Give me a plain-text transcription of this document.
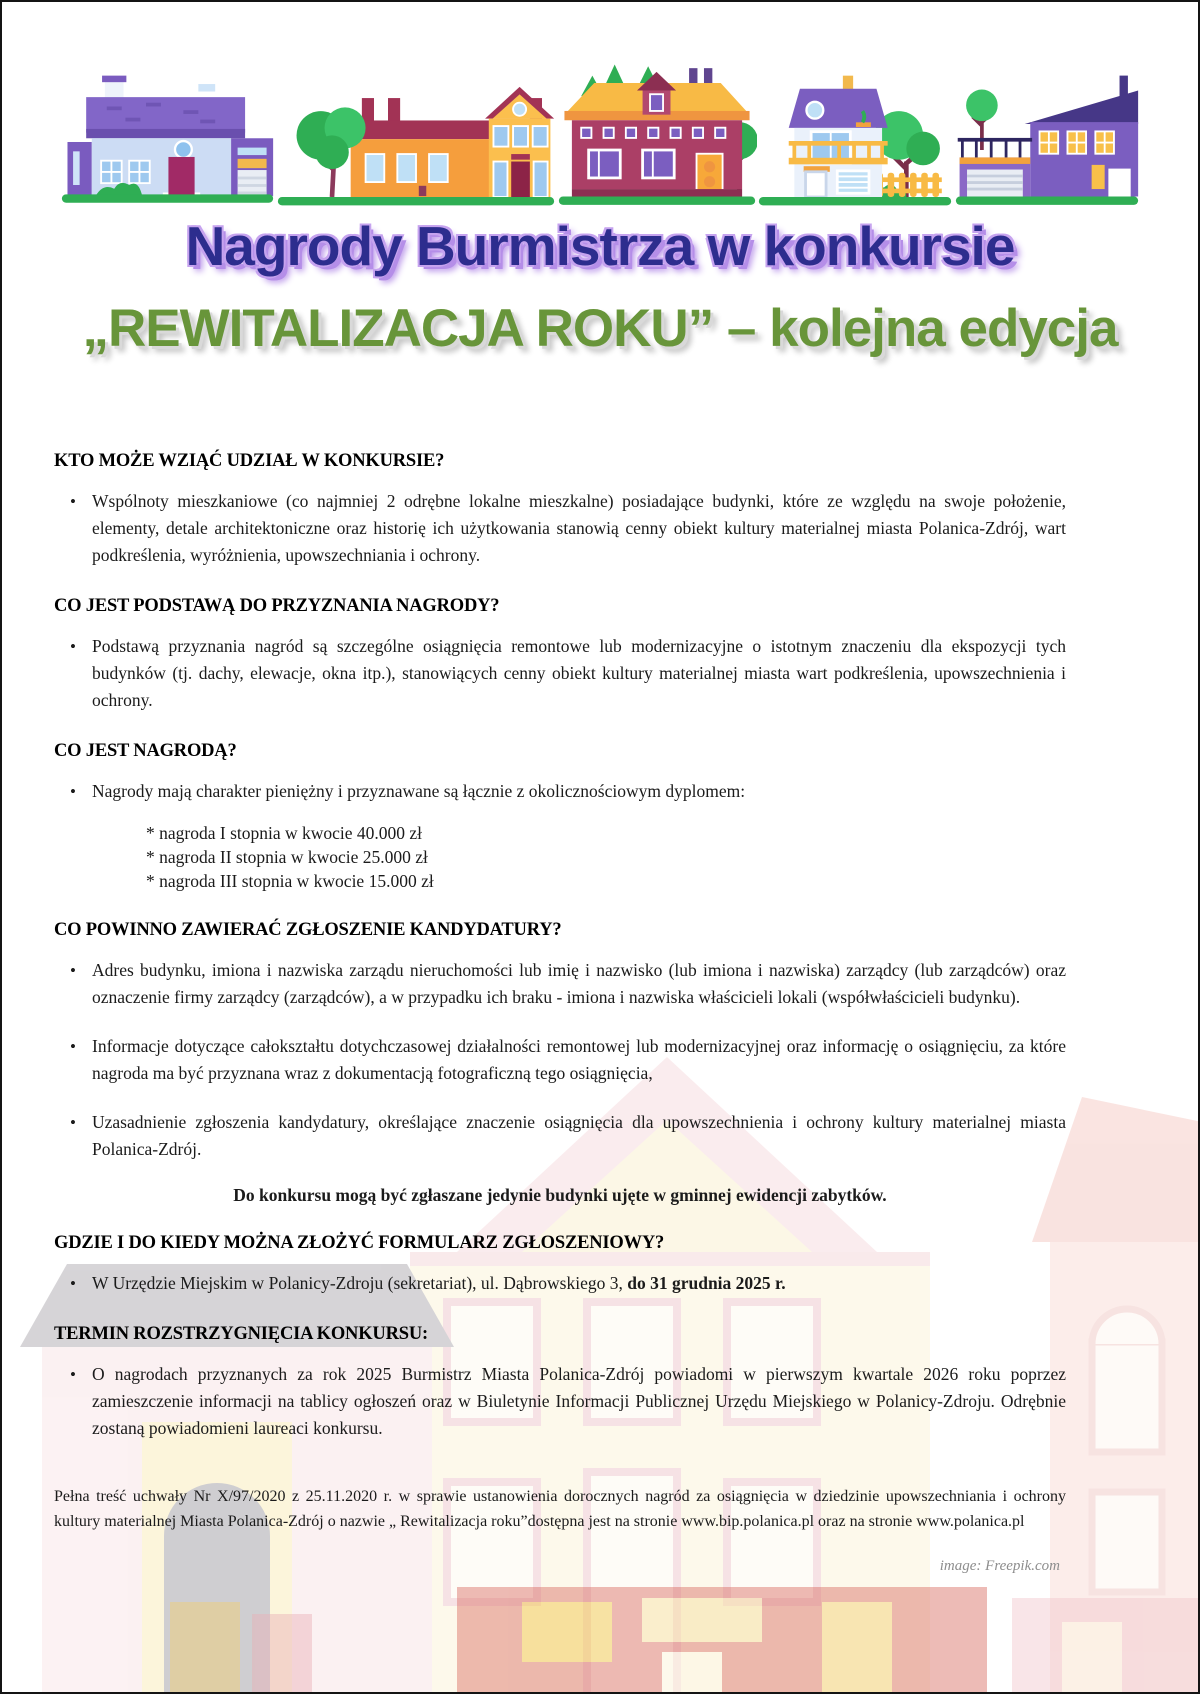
Nagrody Burmistrza w konkursie
„REWITALIZACJA ROKU” – kolejna edycja
KTO MOŻE WZIĄĆ UDZIAŁ W KONKURSIE?
• Wspólnoty mieszkaniowe (co najmniej 2 odrębne lokalne mieszkalne) posiadające budynki, które ze względu na swoje położenie, elementy, detale architektoniczne oraz historię ich użytkowania stanowią cenny obiekt kultury materialnej miasta Polanica-Zdrój, wart podkreślenia, wyróżnienia, upowszechniania i ochrony.

CO JEST PODSTAWĄ DO PRZYZNANIA NAGRODY?
• Podstawą przyznania nagród są szczególne osiągnięcia remontowe lub modernizacyjne o istotnym znaczeniu dla ekspozycji tych budynków (tj. dachy, elewacje, okna itp.), stanowiących cenny obiekt kultury materialnej miasta wart podkreślenia, upowszechnienia i ochrony.

CO JEST NAGRODĄ?
• Nagrody mają charakter pieniężny i przyznawane są łącznie z okolicznościowym dyplomem:

* nagroda I stopnia w kwocie 40.000 zł

* nagroda II stopnia w kwocie 25.000 zł

* nagroda III stopnia w kwocie 15.000 zł

CO POWINNO ZAWIERAĆ ZGŁOSZENIE KANDYDATURY?
• Adres budynku, imiona i nazwiska zarządu nieruchomości lub imię i nazwisko (lub imiona i nazwiska) zarządcy (lub zarządców) oraz oznaczenie firmy zarządcy (zarządców), a w przypadku ich braku - imiona i nazwiska właścicieli lokali (współwłaścicieli budynku).

• Informacje dotyczące całokształtu dotychczasowej działalności remontowej lub modernizacyjnej oraz informację o osiągnięciu, za które nagroda ma być przyznana wraz z dokumentacją fotograficzną tego osiągnięcia,

• Uzasadnienie zgłoszenia kandydatury, określające znaczenie osiągnięcia dla upowszechnienia i ochrony kultury materialnej miasta Polanica-Zdrój.

Do konkursu mogą być zgłaszane jedynie budynki ujęte w gminnej ewidencji zabytków.

GDZIE I DO KIEDY MOŻNA ZŁOŻYĆ FORMULARZ ZGŁOSZENIOWY?
• W Urzędzie Miejskim w Polanicy-Zdroju (sekretariat), ul. Dąbrowskiego 3, do 31 grudnia 2025 r.

TERMIN ROZSTRZYGNIĘCIA KONKURSU:
• O nagrodach przyznanych za rok 2025 Burmistrz Miasta Polanica-Zdrój powiadomi w pierwszym kwartale 2026 roku poprzez zamieszczenie informacji na tablicy ogłoszeń oraz w Biuletynie Informacji Publicznej Urzędu Miejskiego w Polanicy-Zdroju. Odrębnie zostaną powiadomieni laureaci konkursu.

Pełna treść uchwały Nr X/97/2020 z 25.11.2020 r. w sprawie ustanowienia dorocznych nagród za osiągnięcia w dziedzinie upowszechniania i ochrony kultury materialnej Miasta Polanica-Zdrój o nazwie „ Rewitalizacja roku”dostępna jest na stronie www.bip.polanica.pl oraz na stronie www.polanica.pl

image: Freepik.com
